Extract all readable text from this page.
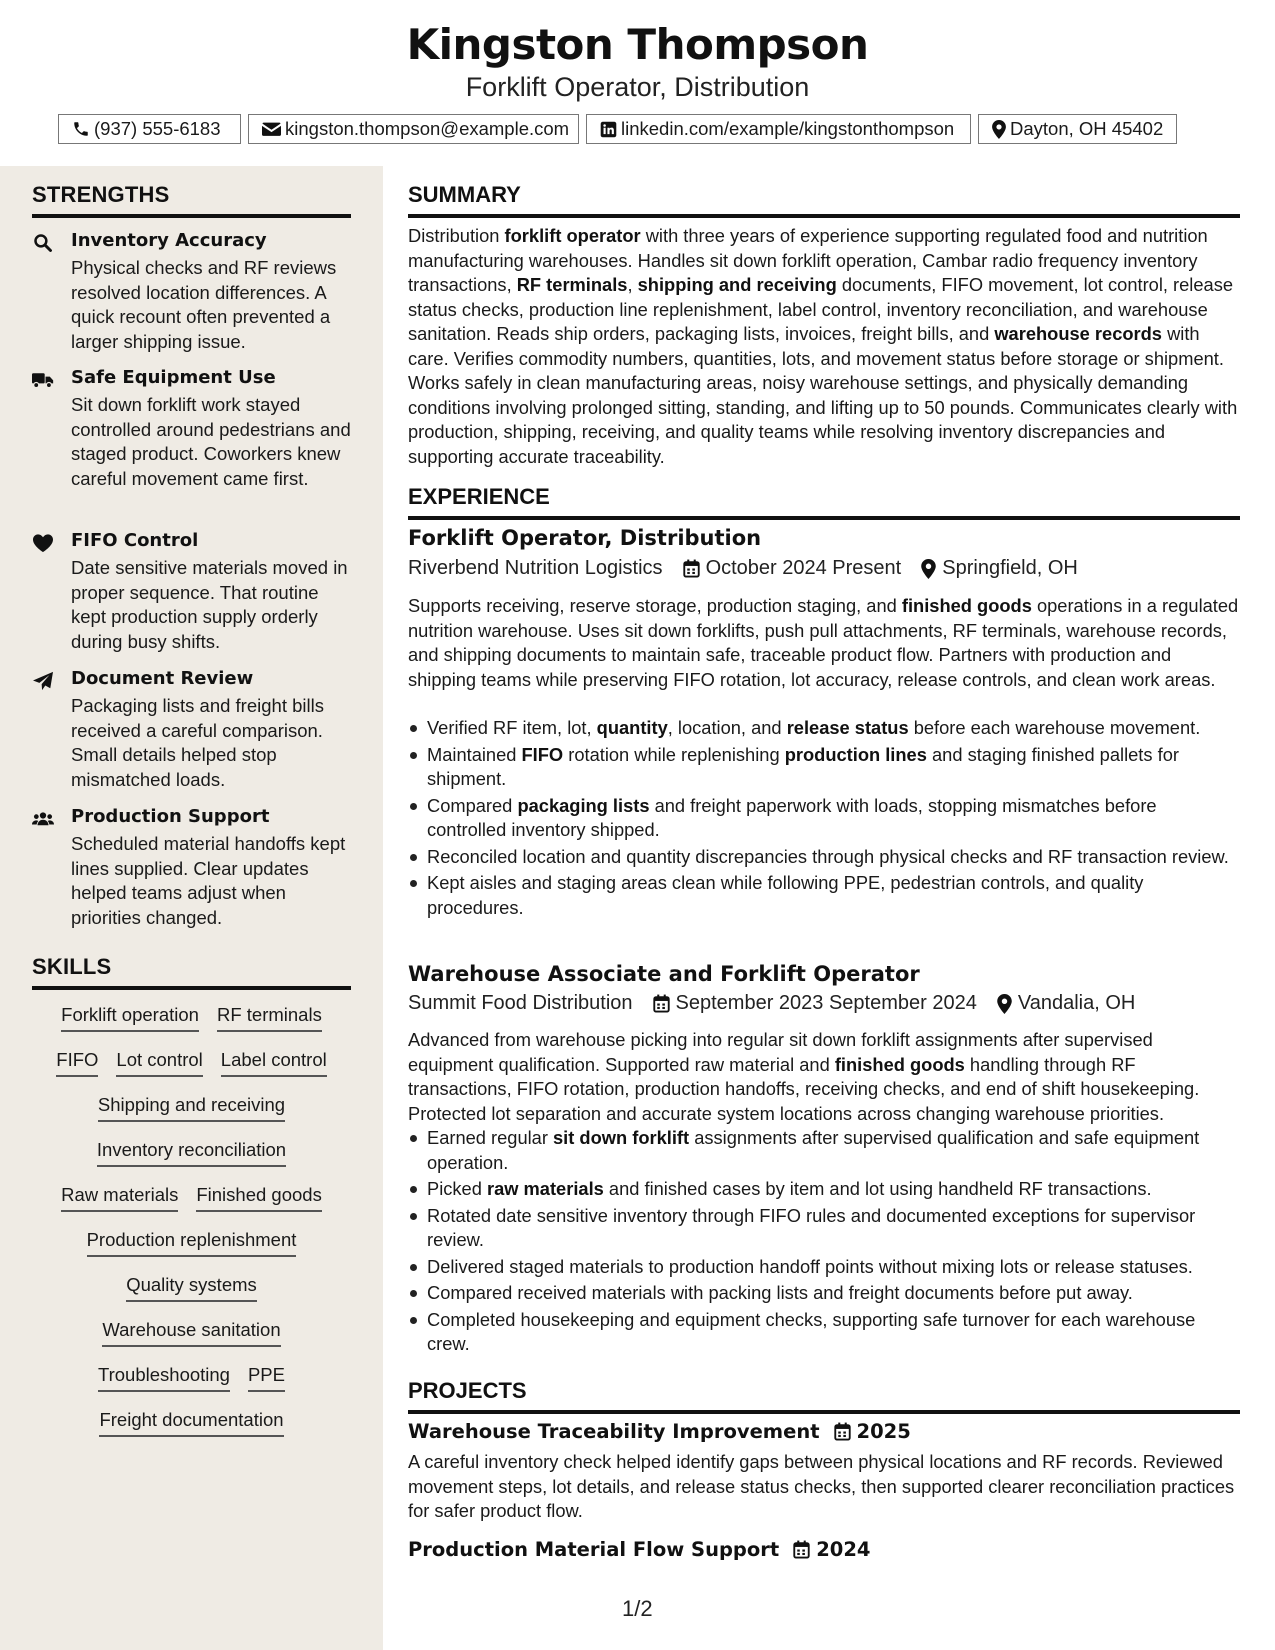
Kingston Thompson
Forklift Operator, Distribution
(937) 555-6183	kingston.thompson@example.com	linkedin.com/example/kingstonthompson	Dayton, OH 45402
STRENGTHS
Inventory Accuracy
Physical checks and RF reviews resolved location differences. A quick recount often prevented a larger shipping issue.
Safe Equipment Use
Sit down forklift work stayed controlled around pedestrians and staged product. Coworkers knew careful movement came first.
FIFO Control
Date sensitive materials moved in proper sequence. That routine kept production supply orderly during busy shifts.
Document Review
Packaging lists and freight bills received a careful comparison. Small details helped stop mismatched loads.
Production Support
Scheduled material handoffs kept lines supplied. Clear updates helped teams adjust when priorities changed.
SKILLS
Forklift operation RF terminals
FIFO Lot control Label control
Shipping and receiving
Inventory reconciliation
Raw materials Finished goods
Production replenishment
Quality systems
Warehouse sanitation
Troubleshooting PPE
Freight documentation
SUMMARY
Distribution forklift operator with three years of experience supporting regulated food and nutrition manufacturing warehouses. Handles sit down forklift operation, Cambar radio frequency inventory transactions, RF terminals, shipping and receiving documents, FIFO movement, lot control, release status checks, production line replenishment, label control, inventory reconciliation, and warehouse sanitation. Reads ship orders, packaging lists, invoices, freight bills, and warehouse records with care. Verifies commodity numbers, quantities, lots, and movement status before storage or shipment. Works safely in clean manufacturing areas, noisy warehouse settings, and physically demanding conditions involving prolonged sitting, standing, and lifting up to 50 pounds. Communicates clearly with production, shipping, receiving, and quality teams while resolving inventory discrepancies and supporting accurate traceability.
EXPERIENCE
Forklift Operator, Distribution
Riverbend Nutrition Logistics October 2024 Present Springfield, OH
Supports receiving, reserve storage, production staging, and finished goods operations in a regulated nutrition warehouse. Uses sit down forklifts, push pull attachments, RF terminals, warehouse records, and shipping documents to maintain safe, traceable product flow. Partners with production and shipping teams while preserving FIFO rotation, lot accuracy, release controls, and clean work areas.
Verified RF item, lot, quantity, location, and release status before each warehouse movement.
Maintained FIFO rotation while replenishing production lines and staging finished pallets for shipment.
Compared packaging lists and freight paperwork with loads, stopping mismatches before controlled inventory shipped.
Reconciled location and quantity discrepancies through physical checks and RF transaction review.
Kept aisles and staging areas clean while following PPE, pedestrian controls, and quality procedures.
Warehouse Associate and Forklift Operator
Summit Food Distribution September 2023 September 2024 Vandalia, OH
Advanced from warehouse picking into regular sit down forklift assignments after supervised equipment qualification. Supported raw material and finished goods handling through RF transactions, FIFO rotation, production handoffs, receiving checks, and end of shift housekeeping. Protected lot separation and accurate system locations across changing warehouse priorities.
Earned regular sit down forklift assignments after supervised qualification and safe equipment operation.
Picked raw materials and finished cases by item and lot using handheld RF transactions.
Rotated date sensitive inventory through FIFO rules and documented exceptions for supervisor review.
Delivered staged materials to production handoff points without mixing lots or release statuses.
Compared received materials with packing lists and freight documents before put away.
Completed housekeeping and equipment checks, supporting safe turnover for each warehouse crew.
PROJECTS
Warehouse Traceability Improvement 2025
A careful inventory check helped identify gaps between physical locations and RF records. Reviewed movement steps, lot details, and release status checks, then supported clearer reconciliation practices for safer product flow.
Production Material Flow Support 2024
1/2
